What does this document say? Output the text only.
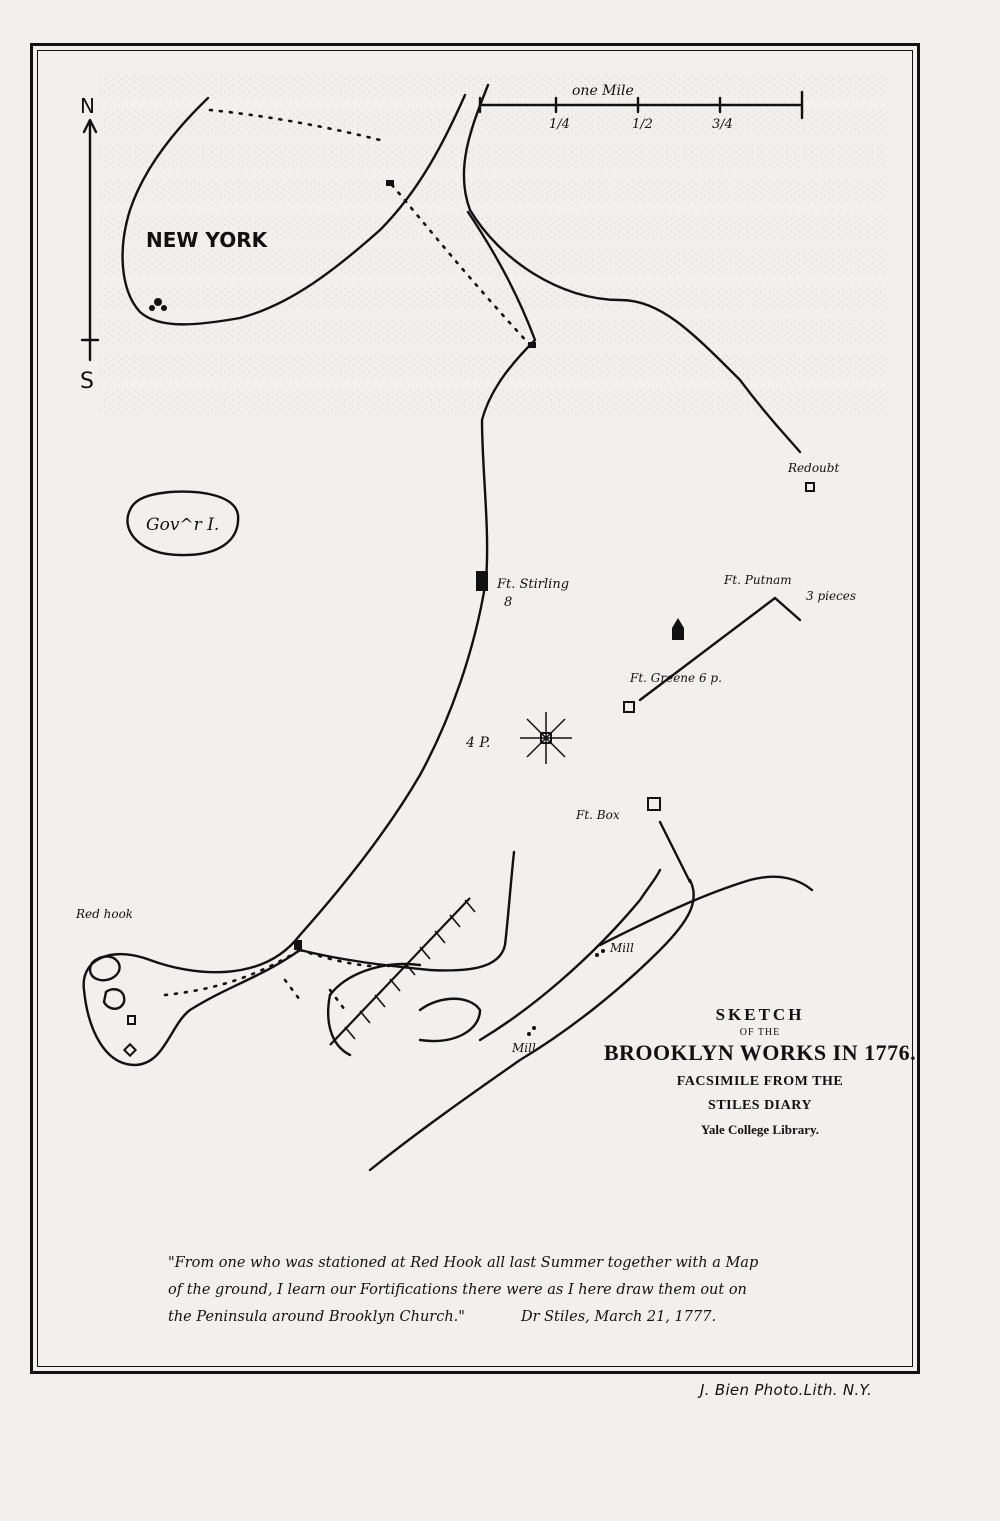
one Mile
1/4	1/2	3/4
N
S
NEW YORK
Gov^r I.
Red hook
Redoubt
Ft. Stirling
8
Ft. Putnam
3 pieces
Ft. Greene 6 p.
4 P.
Ft. Box
Mill
Mill
SKETCH
OF THE
BROOKLYN WORKS IN 1776.
FACSIMILE FROM THE
STILES DIARY
Yale College Library.
"From one who was stationed at Red Hook all last Summer together with a Map
of the ground, I learn our Fortifications there were as I here draw them out on
the Peninsula around Brooklyn Church."	Dr Stiles, March 21, 1777.
J. Bien Photo.Lith. N.Y.
